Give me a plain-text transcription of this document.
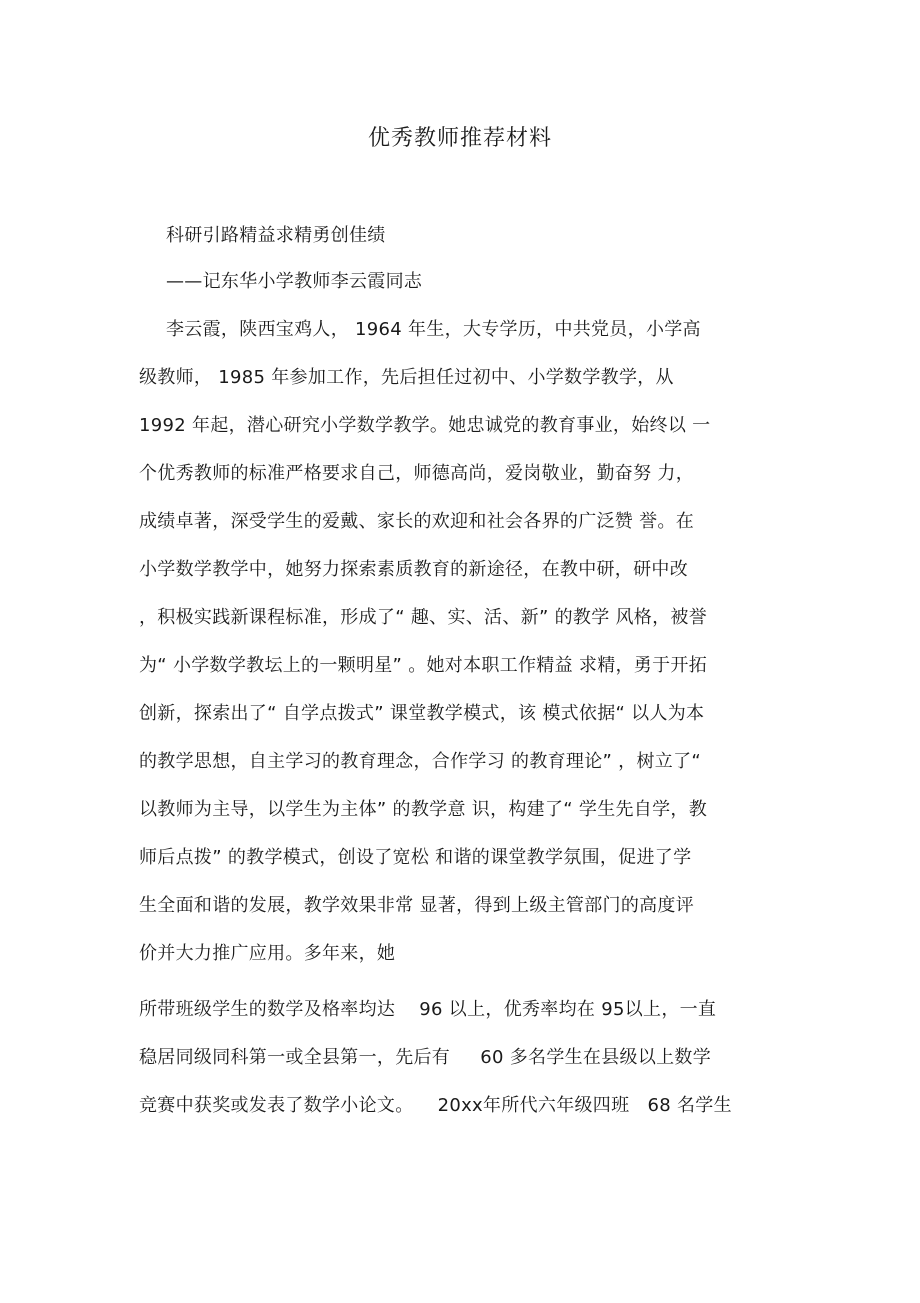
优秀教师推荐材料
科研引路精益求精勇创佳绩
——记东华小学教师李云霞同志
李云霞，陕西宝鸡人， 1964 年生，大专学历，中共党员，小学高
级教师， 1985 年参加工作，先后担任过初中、小学数学教学，从
1992 年起，潜心研究小学数学教学。她忠诚党的教育事业，始终以 一
个优秀教师的标准严格要求自己，师德高尚，爱岗敬业，勤奋努 力，
成绩卓著，深受学生的爱戴、家长的欢迎和社会各界的广泛赞 誉。在
小学数学教学中，她努力探索素质教育的新途径，在教中研，研中改
，积极实践新课程标准，形成了“ 趣、实、活、新” 的教学 风格，被誉
为“ 小学数学教坛上的一颗明星” 。她对本职工作精益 求精，勇于开拓
创新，探索出了“ 自学点拨式” 课堂教学模式，该 模式依据“ 以人为本
的教学思想，自主学习的教育理念，合作学习 的教育理论” ，树立了“
以教师为主导，以学生为主体” 的教学意 识，构建了“ 学生先自学，教
师后点拨” 的教学模式，创设了宽松 和谐的课堂教学氛围，促进了学
生全面和谐的发展，教学效果非常 显著，得到上级主管部门的高度评
价并大力推广应用。多年来，她
所带班级学生的数学及格率均达    96 以上，优秀率均在 95以上，一直
稳居同级同科第一或全县第一，先后有     60 多名学生在县级以上数学
竞赛中获奖或发表了数学小论文。    20xx年所代六年级四班   68 名学生
